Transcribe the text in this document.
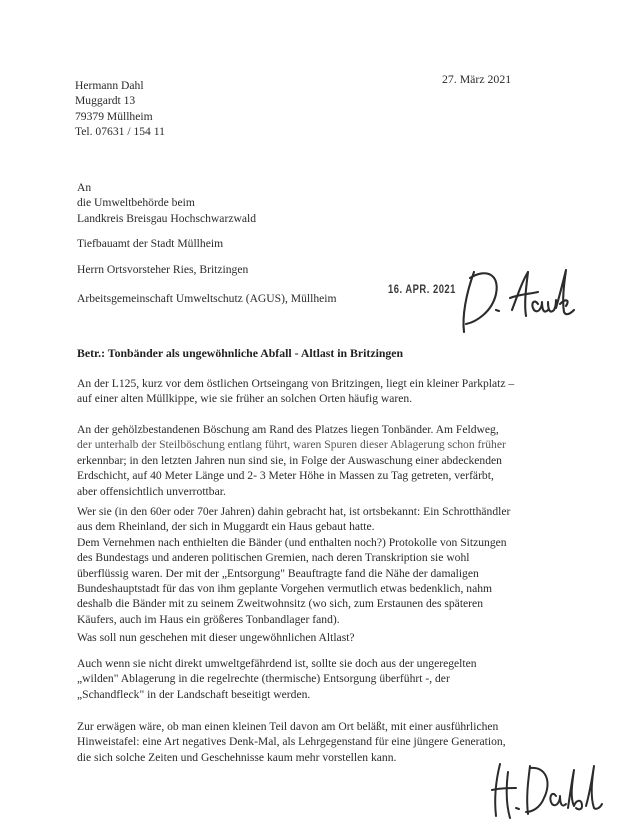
Hermann Dahl
Muggardt 13
79379 Müllheim
Tel. 07631 / 154 11
27. März 2021
An
die Umweltbehörde beim
Landkreis Breisgau Hochschwarzwald
Tiefbauamt der Stadt Müllheim
Herrn Ortsvorsteher Ries, Britzingen
Arbeitsgemeinschaft Umweltschutz (AGUS), Müllheim
16. APR. 2021
Betr.: Tonbänder als ungewöhnliche Abfall - Altlast in Britzingen
An der L125, kurz vor dem östlichen Ortseingang von Britzingen, liegt ein kleiner Parkplatz –
auf einer alten Müllkippe, wie sie früher an solchen Orten häufig waren.
An der gehölzbestandenen Böschung am Rand des Platzes liegen Tonbänder. Am Feldweg,
der unterhalb der Steilböschung entlang führt, waren Spuren dieser Ablagerung schon früher
erkennbar; in den letzten Jahren nun sind sie, in Folge der Auswaschung einer abdeckenden
Erdschicht, auf 40 Meter Länge und 2- 3 Meter Höhe in Massen zu Tag getreten, verfärbt,
aber offensichtlich unverrottbar.
Wer sie (in den 60er oder 70er Jahren) dahin gebracht hat, ist ortsbekannt: Ein Schrotthändler
aus dem Rheinland, der sich in Muggardt ein Haus gebaut hatte.
Dem Vernehmen nach enthielten die Bänder (und enthalten noch?) Protokolle von Sitzungen
des Bundestags und anderen politischen Gremien, nach deren Transkription sie wohl
überflüssig waren. Der mit der „Entsorgung" Beauftragte fand die Nähe der damaligen
Bundeshauptstadt für das von ihm geplante Vorgehen vermutlich etwas bedenklich, nahm
deshalb die Bänder mit zu seinem Zweitwohnsitz (wo sich, zum Erstaunen des späteren
Käufers, auch im Haus ein größeres Tonbandlager fand).
Was soll nun geschehen mit dieser ungewöhnlichen Altlast?
Auch wenn sie nicht direkt umweltgefährdend ist, sollte sie doch aus der ungeregelten
„wilden" Ablagerung in die regelrechte (thermische) Entsorgung überführt -, der
„Schandfleck" in der Landschaft beseitigt werden.
Zur erwägen wäre, ob man einen kleinen Teil davon am Ort beläßt, mit einer ausführlichen
Hinweistafel: eine Art negatives Denk-Mal, als Lehrgegenstand für eine jüngere Generation,
die sich solche Zeiten und Geschehnisse kaum mehr vorstellen kann.
